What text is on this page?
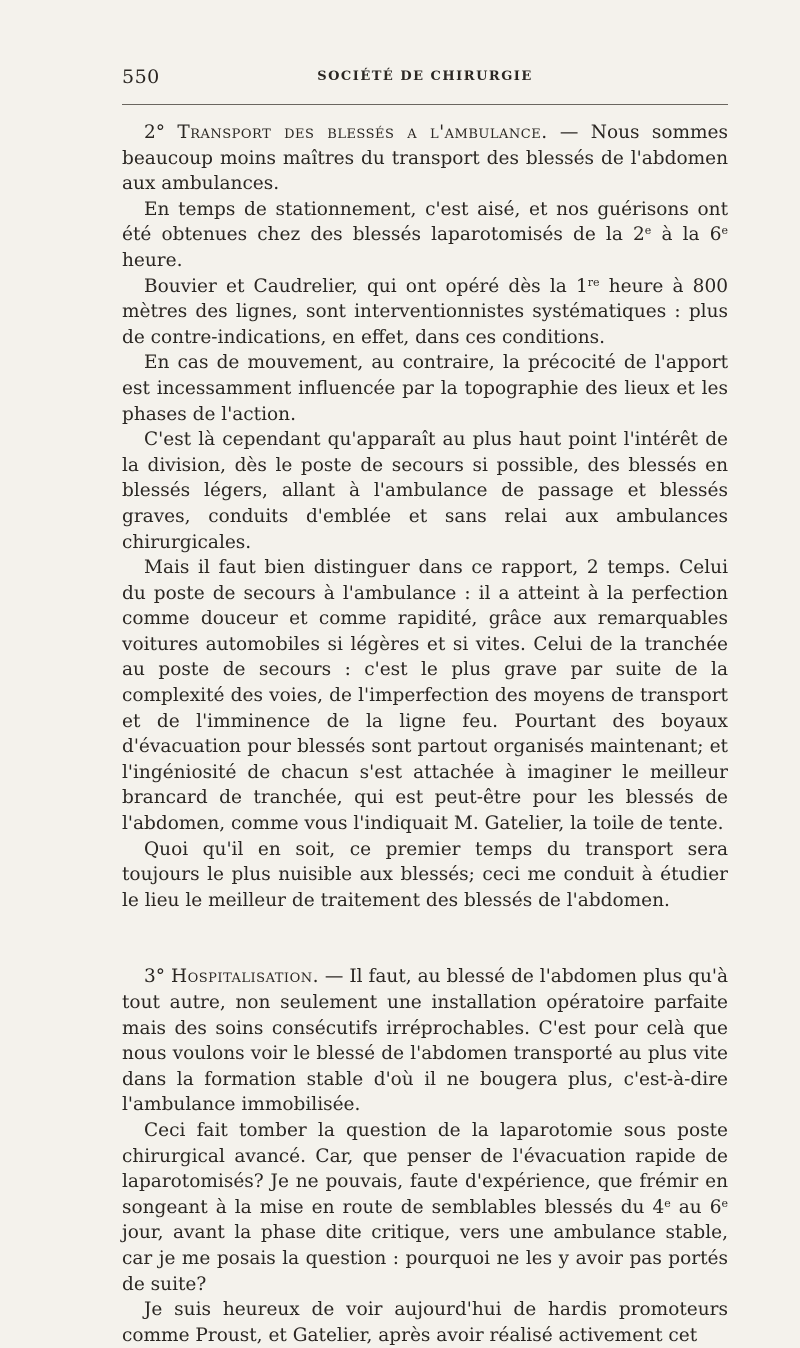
550	SOCIÉTÉ DE CHIRURGIE

2° Transport des blessés a l'ambulance. — Nous sommes beaucoup moins maîtres du transport des blessés de l'abdomen aux ambulances.

En temps de stationnement, c'est aisé, et nos guérisons ont été obtenues chez des blessés laparotomisés de la 2e à la 6e heure.

Bouvier et Caudrelier, qui ont opéré dès la 1re heure à 800 mètres des lignes, sont interventionnistes systématiques : plus de contre-indications, en effet, dans ces conditions.

En cas de mouvement, au contraire, la précocité de l'apport est incessamment influencée par la topographie des lieux et les phases de l'action.

C'est là cependant qu'apparaît au plus haut point l'intérêt de la division, dès le poste de secours si possible, des blessés en blessés légers, allant à l'ambulance de passage et blessés graves, conduits d'emblée et sans relai aux ambulances chirurgicales.

Mais il faut bien distinguer dans ce rapport, 2 temps. Celui du poste de secours à l'ambulance : il a atteint à la perfection comme douceur et comme rapidité, grâce aux remarquables voitures automobiles si légères et si vites. Celui de la tranchée au poste de secours : c'est le plus grave par suite de la complexité des voies, de l'imperfection des moyens de transport et de l'imminence de la ligne feu. Pourtant des boyaux d'évacuation pour blessés sont partout organisés maintenant; et l'ingéniosité de chacun s'est attachée à imaginer le meilleur brancard de tranchée, qui est peut-être pour les blessés de l'abdomen, comme vous l'indiquait M. Gatelier, la toile de tente.

Quoi qu'il en soit, ce premier temps du transport sera toujours le plus nuisible aux blessés; ceci me conduit à étudier le lieu le meilleur de traitement des blessés de l'abdomen.

3° Hospitalisation. — Il faut, au blessé de l'abdomen plus qu'à tout autre, non seulement une installation opératoire parfaite mais des soins consécutifs irréprochables. C'est pour celà que nous voulons voir le blessé de l'abdomen transporté au plus vite dans la formation stable d'où il ne bougera plus, c'est-à-dire l'ambulance immobilisée.

Ceci fait tomber la question de la laparotomie sous poste chirurgical avancé. Car, que penser de l'évacuation rapide de laparotomisés? Je ne pouvais, faute d'expérience, que frémir en songeant à la mise en route de semblables blessés du 4e au 6e jour, avant la phase dite critique, vers une ambulance stable, car je me posais la question : pourquoi ne les y avoir pas portés de suite?

Je suis heureux de voir aujourd'hui de hardis promoteurs comme Proust, et Gatelier, après avoir réalisé activement cet
